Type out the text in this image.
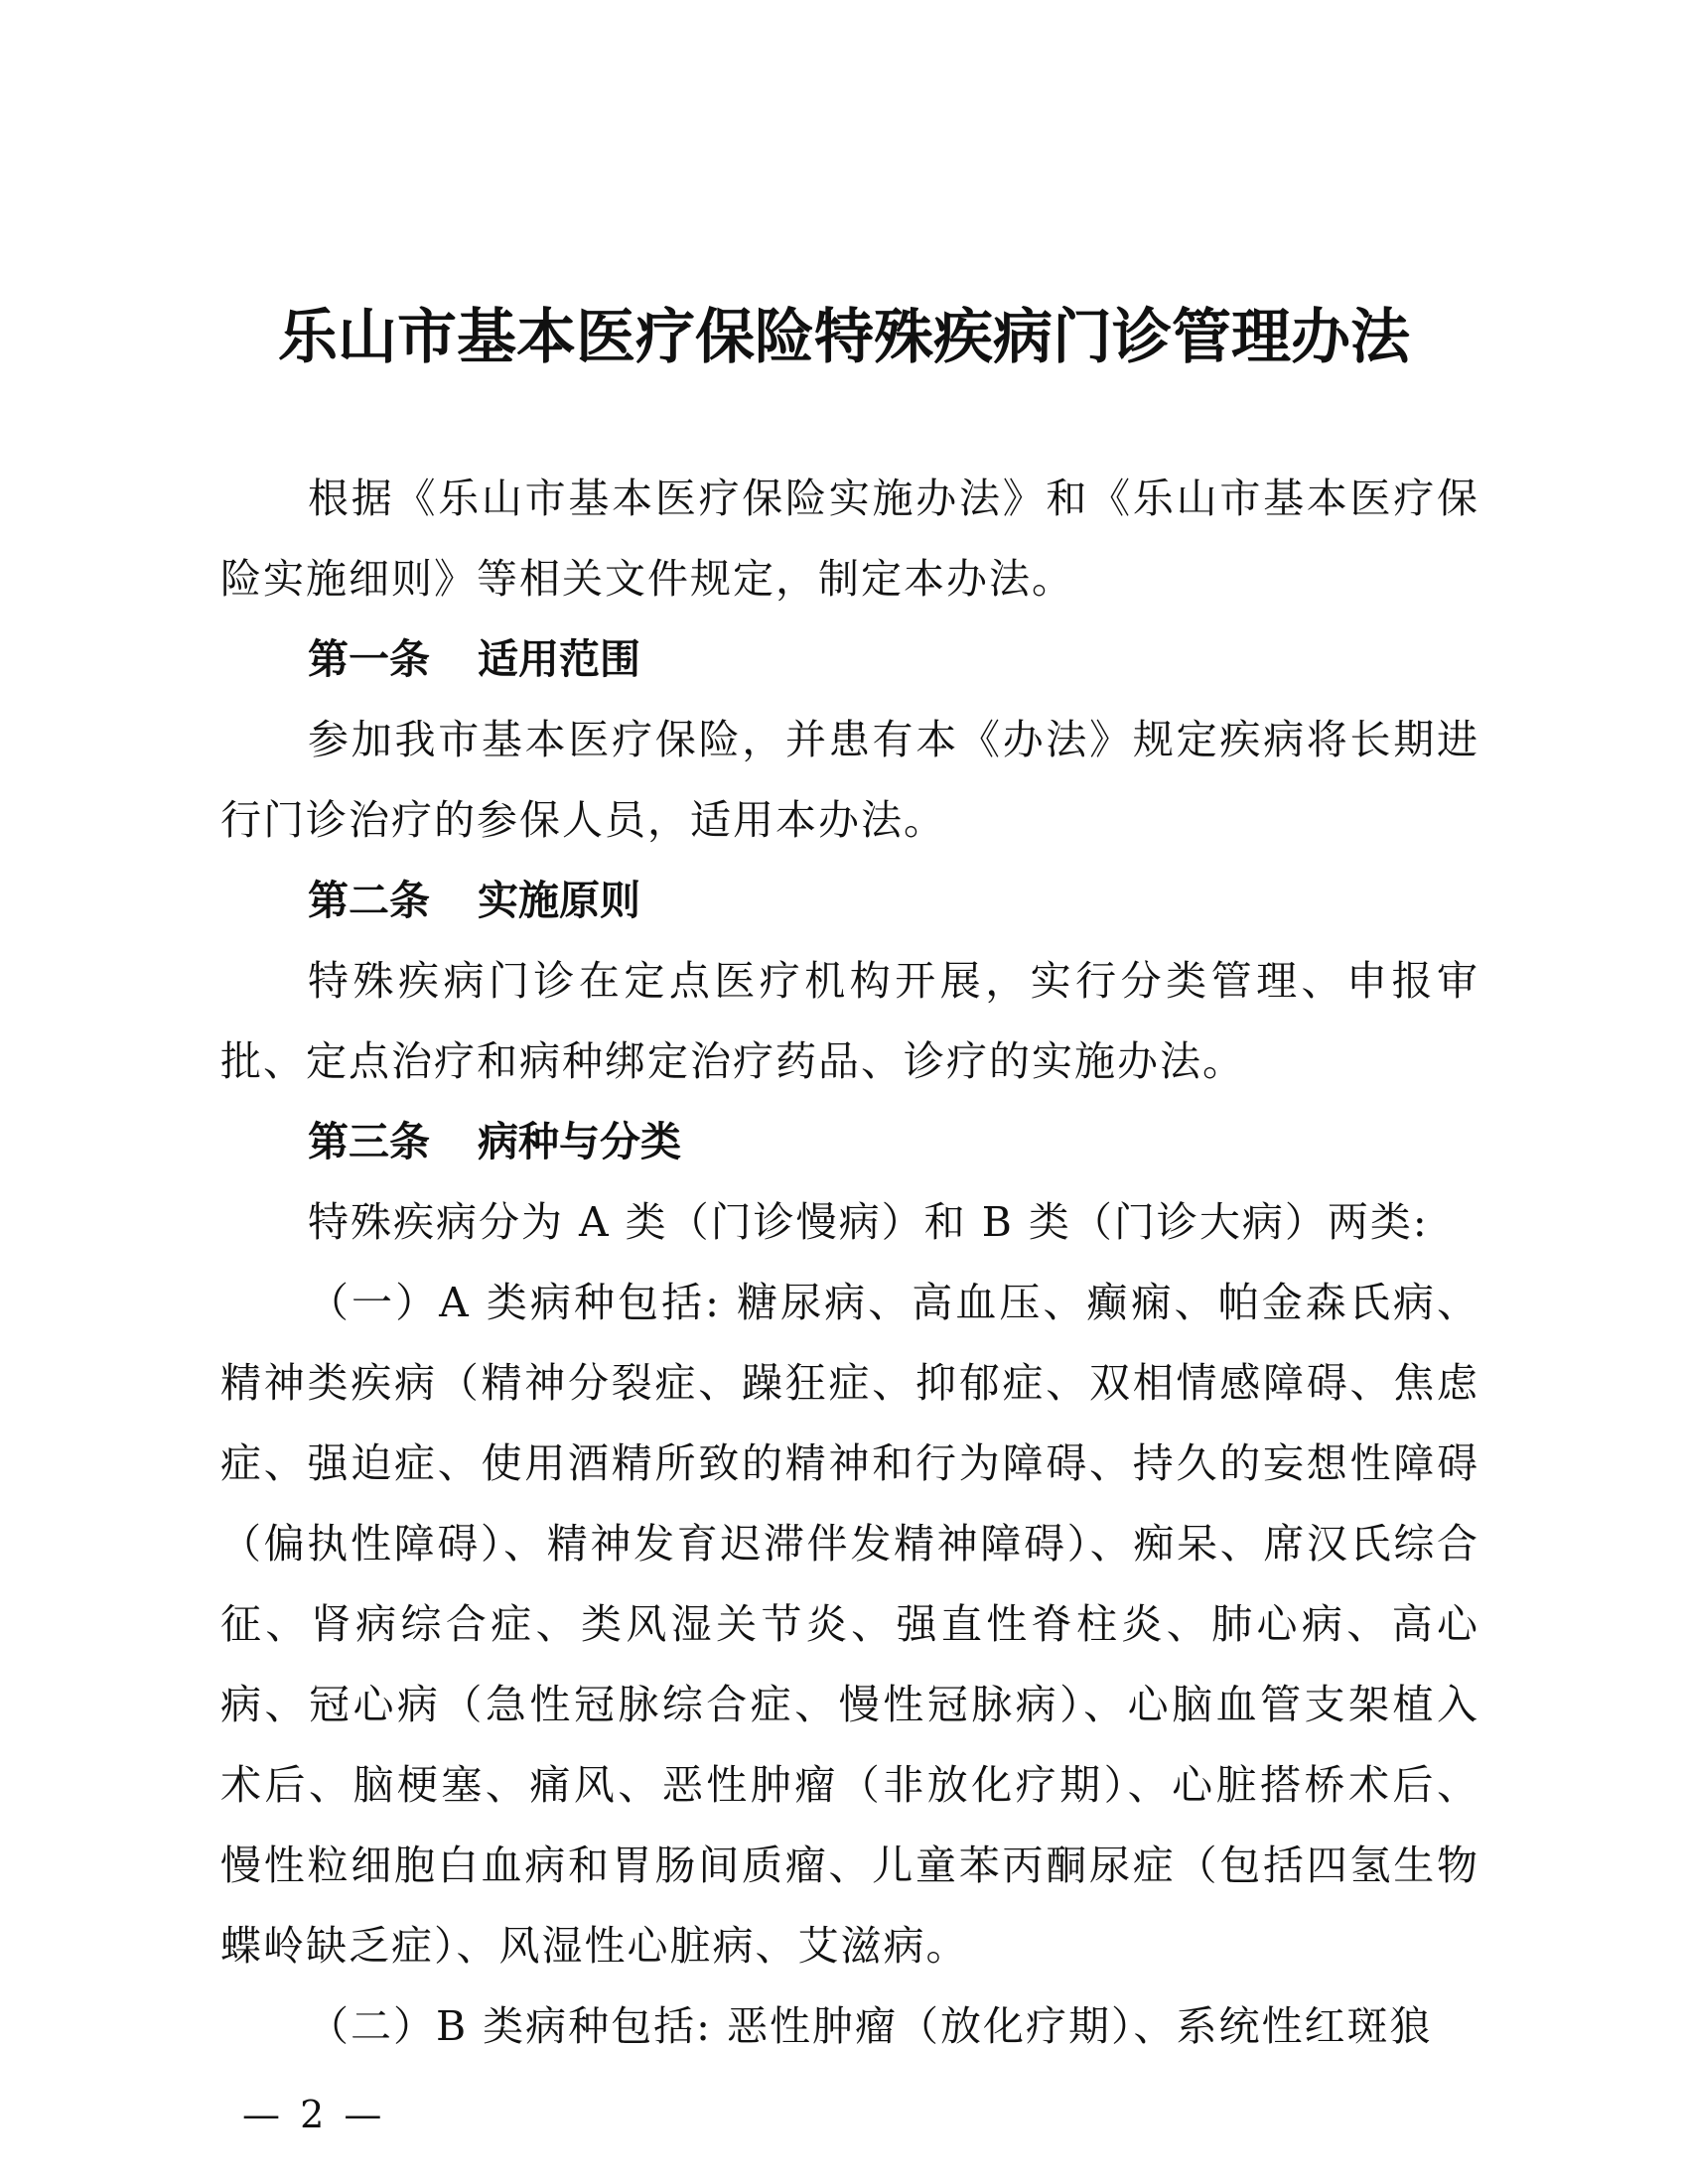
乐山市基本医疗保险特殊疾病门诊管理办法

根据《乐山市基本医疗保险实施办法》和《乐山市基本医疗保险实施细则》等相关文件规定，制定本办法。

第一条 适用范围

参加我市基本医疗保险，并患有本《办法》规定疾病将长期进行门诊治疗的参保人员，适用本办法。

第二条 实施原则

特殊疾病门诊在定点医疗机构开展，实行分类管理、申报审批、定点治疗和病种绑定治疗药品、诊疗的实施办法。

第三条 病种与分类

特殊疾病分为 A 类（门诊慢病）和 B 类（门诊大病）两类:

（一）A 类病种包括: 糖尿病、高血压、癫痫、帕金森氏病、精神类疾病（精神分裂症、躁狂症、抑郁症、双相情感障碍、焦虑症、强迫症、使用酒精所致的精神和行为障碍、持久的妄想性障碍（偏执性障碍）、精神发育迟滞伴发精神障碍）、痴呆、席汉氏综合征、肾病综合症、类风湿关节炎、强直性脊柱炎、肺心病、高心病、冠心病（急性冠脉综合症、慢性冠脉病）、心脑血管支架植入术后、脑梗塞、痛风、恶性肿瘤（非放化疗期）、心脏搭桥术后、慢性粒细胞白血病和胃肠间质瘤、儿童苯丙酮尿症（包括四氢生物蝶岭缺乏症）、风湿性心脏病、艾滋病。

（二）B 类病种包括: 恶性肿瘤（放化疗期）、系统性红斑狼

— 2 —
